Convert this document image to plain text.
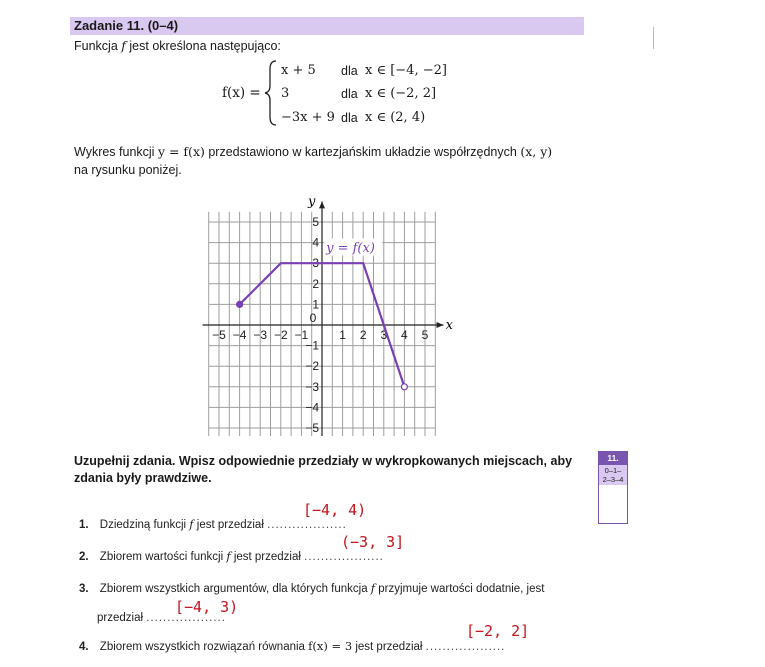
Zadanie 11. (0–4)
Funkcja f jest określona następująco:
f(x) =
x + 5
3
−3x + 9
dla
dla
dla
x ∈ [−4, −2]
x ∈ (−2, 2]
x ∈ (2, 4)
Wykres funkcji y = f(x) przedstawiono w kartezjańskim układzie współrzędnych (x, y)
na rysunku poniżej.
x
y
−5 −4 −3 −2 −1	1 2 3 4 5
5
4
3
2
1
−1
−2
−3
−4
−5
0
y = f(x)
Uzupełnij zdania. Wpisz odpowiednie przedziały w wykropkowanych miejscach, aby zdania były prawdziwe.
11.
0–1–
2–3–4
1. Dziedziną funkcji f jest przedział ...................
[−4, 4)
2. Zbiorem wartości funkcji f jest przedział ...................
(−3, 3]
3. Zbiorem wszystkich argumentów, dla których funkcja f przyjmuje wartości dodatnie, jest
przedział ...................
[−4, 3)
4. Zbiorem wszystkich rozwiązań równania f(x) = 3 jest przedział ...................
[−2, 2]
